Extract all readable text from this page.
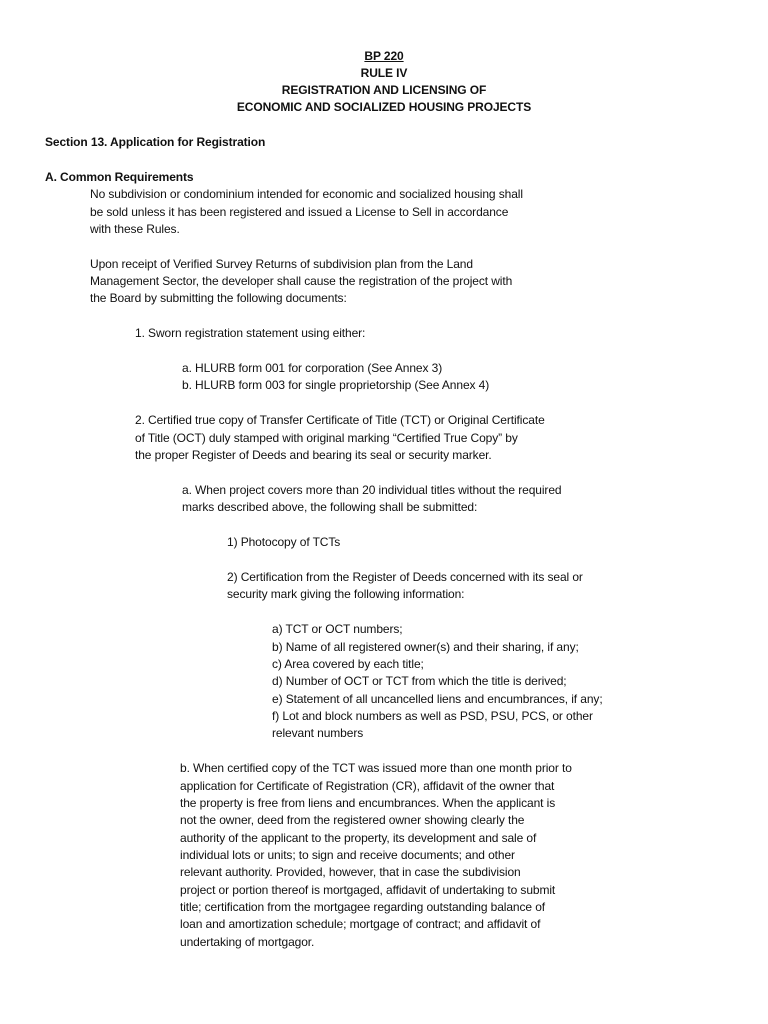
BP 220
RULE IV
REGISTRATION AND LICENSING OF
ECONOMIC AND SOCIALIZED HOUSING PROJECTS
Section 13. Application for Registration
A. Common Requirements
No subdivision or condominium intended for economic and socialized housing shall
be sold unless it has been registered and issued a License to Sell in accordance
with these Rules.
Upon receipt of Verified Survey Returns of subdivision plan from the Land
Management Sector, the developer shall cause the registration of the project with
the Board by submitting the following documents:
1. Sworn registration statement using either:
a. HLURB form 001 for corporation (See Annex 3)
b. HLURB form 003 for single proprietorship (See Annex 4)
2. Certified true copy of Transfer Certificate of Title (TCT) or Original Certificate
of Title (OCT) duly stamped with original marking “Certified True Copy” by
the proper Register of Deeds and bearing its seal or security marker.
a. When project covers more than 20 individual titles without the required
marks described above, the following shall be submitted:
1) Photocopy of TCTs
2) Certification from the Register of Deeds concerned with its seal or
security mark giving the following information:
a) TCT or OCT numbers;
b) Name of all registered owner(s) and their sharing, if any;
c) Area covered by each title;
d) Number of OCT or TCT from which the title is derived;
e) Statement of all uncancelled liens and encumbrances, if any;
f) Lot and block numbers as well as PSD, PSU, PCS, or other
relevant numbers
b. When certified copy of the TCT was issued more than one month prior to
application for Certificate of Registration (CR), affidavit of the owner that
the property is free from liens and encumbrances. When the applicant is
not the owner, deed from the registered owner showing clearly the
authority of the applicant to the property, its development and sale of
individual lots or units; to sign and receive documents; and other
relevant authority. Provided, however, that in case the subdivision
project or portion thereof is mortgaged, affidavit of undertaking to submit
title; certification from the mortgagee regarding outstanding balance of
loan and amortization schedule; mortgage of contract; and affidavit of
undertaking of mortgagor.
